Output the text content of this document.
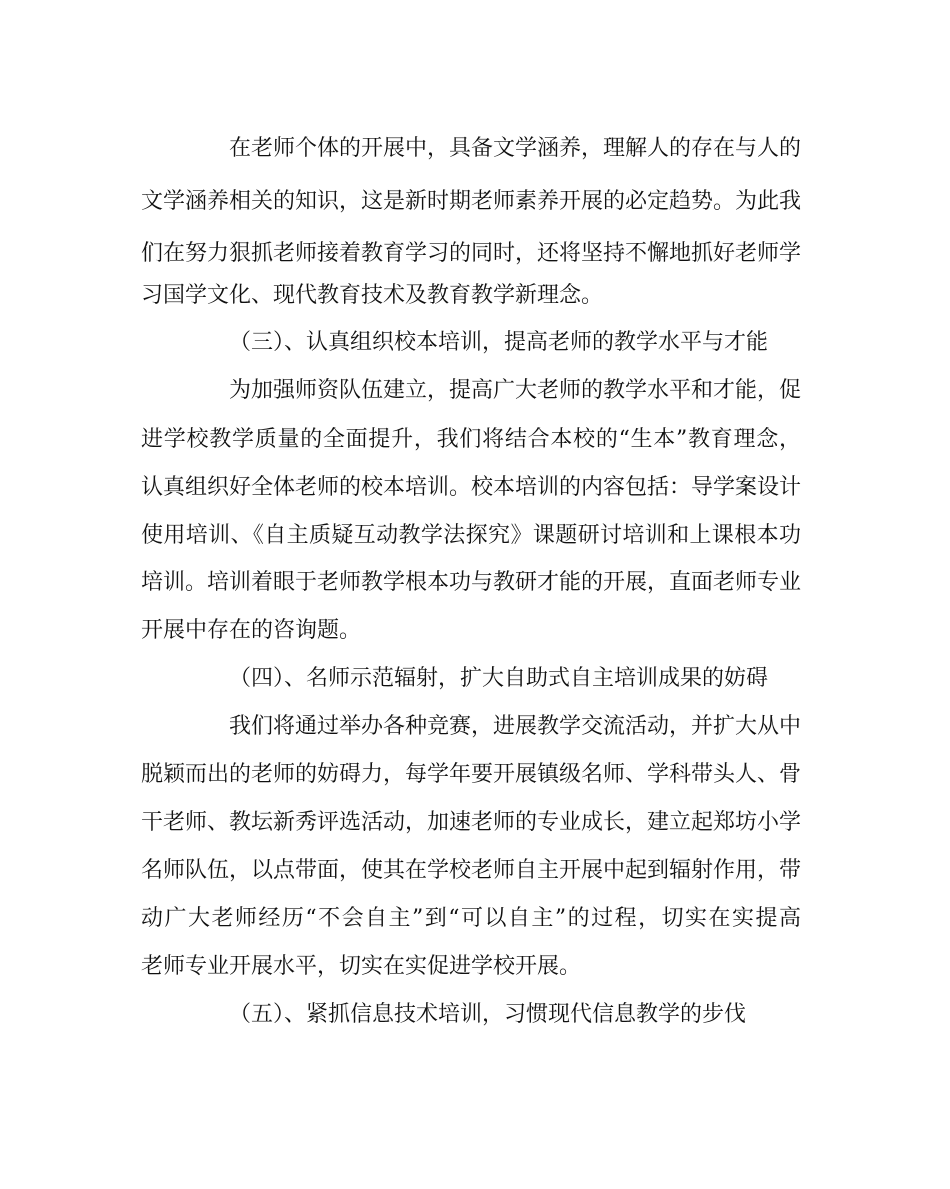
在老师个体的开展中，具备文学涵养，理解人的存在与人的
文学涵养相关的知识，这是新时期老师素养开展的必定趋势。为此我
们在努力狠抓老师接着教育学习的同时，还将坚持不懈地抓好老师学
习国学文化、现代教育技术及教育教学新理念。
（三）、认真组织校本培训，提高老师的教学水平与才能
为加强师资队伍建立，提高广大老师的教学水平和才能，促
进学校教学质量的全面提升，我们将结合本校的“生本”教育理念，
认真组织好全体老师的校本培训。校本培训的内容包括：导学案设计
使用培训、《自主质疑互动教学法探究》课题研讨培训和上课根本功
培训。培训着眼于老师教学根本功与教研才能的开展，直面老师专业
开展中存在的咨询题。
（四）、名师示范辐射，扩大自助式自主培训成果的妨碍
我们将通过举办各种竞赛，进展教学交流活动，并扩大从中
脱颖而出的老师的妨碍力，每学年要开展镇级名师、学科带头人、骨
干老师、教坛新秀评选活动，加速老师的专业成长，建立起郑坊小学
名师队伍，以点带面，使其在学校老师自主开展中起到辐射作用，带
动广大老师经历“不会自主”到“可以自主”的过程，切实在实提高
老师专业开展水平，切实在实促进学校开展。
（五）、紧抓信息技术培训，习惯现代信息教学的步伐
